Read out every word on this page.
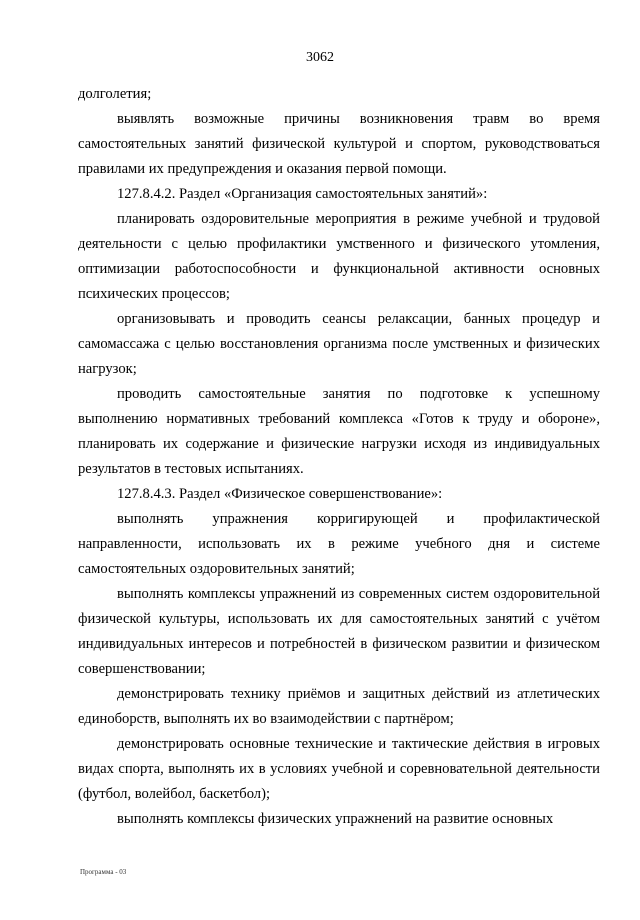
3062

долголетия;

выявлять возможные причины возникновения травм во время самостоятельных занятий физической культурой и спортом, руководствоваться правилами их предупреждения и оказания первой помощи.

127.8.4.2. Раздел «Организация самостоятельных занятий»:

планировать оздоровительные мероприятия в режиме учебной и трудовой деятельности с целью профилактики умственного и физического утомления, оптимизации работоспособности и функциональной активности основных психических процессов;

организовывать и проводить сеансы релаксации, банных процедур и самомассажа с целью восстановления организма после умственных и физических нагрузок;

проводить самостоятельные занятия по подготовке к успешному выполнению нормативных требований комплекса «Готов к труду и обороне», планировать их содержание и физические нагрузки исходя из индивидуальных результатов в тестовых испытаниях.

127.8.4.3. Раздел «Физическое совершенствование»:

выполнять упражнения корригирующей и профилактической направленности, использовать их в режиме учебного дня и системе самостоятельных оздоровительных занятий;

выполнять комплексы упражнений из современных систем оздоровительной физической культуры, использовать их для самостоятельных занятий с учётом индивидуальных интересов и потребностей в физическом развитии и физическом совершенствовании;

демонстрировать технику приёмов и защитных действий из атлетических единоборств, выполнять их во взаимодействии с партнёром;

демонстрировать основные технические и тактические действия в игровых видах спорта, выполнять их в условиях учебной и соревновательной деятельности (футбол, волейбол, баскетбол);

выполнять комплексы физических упражнений на развитие основных

Программа - 03
